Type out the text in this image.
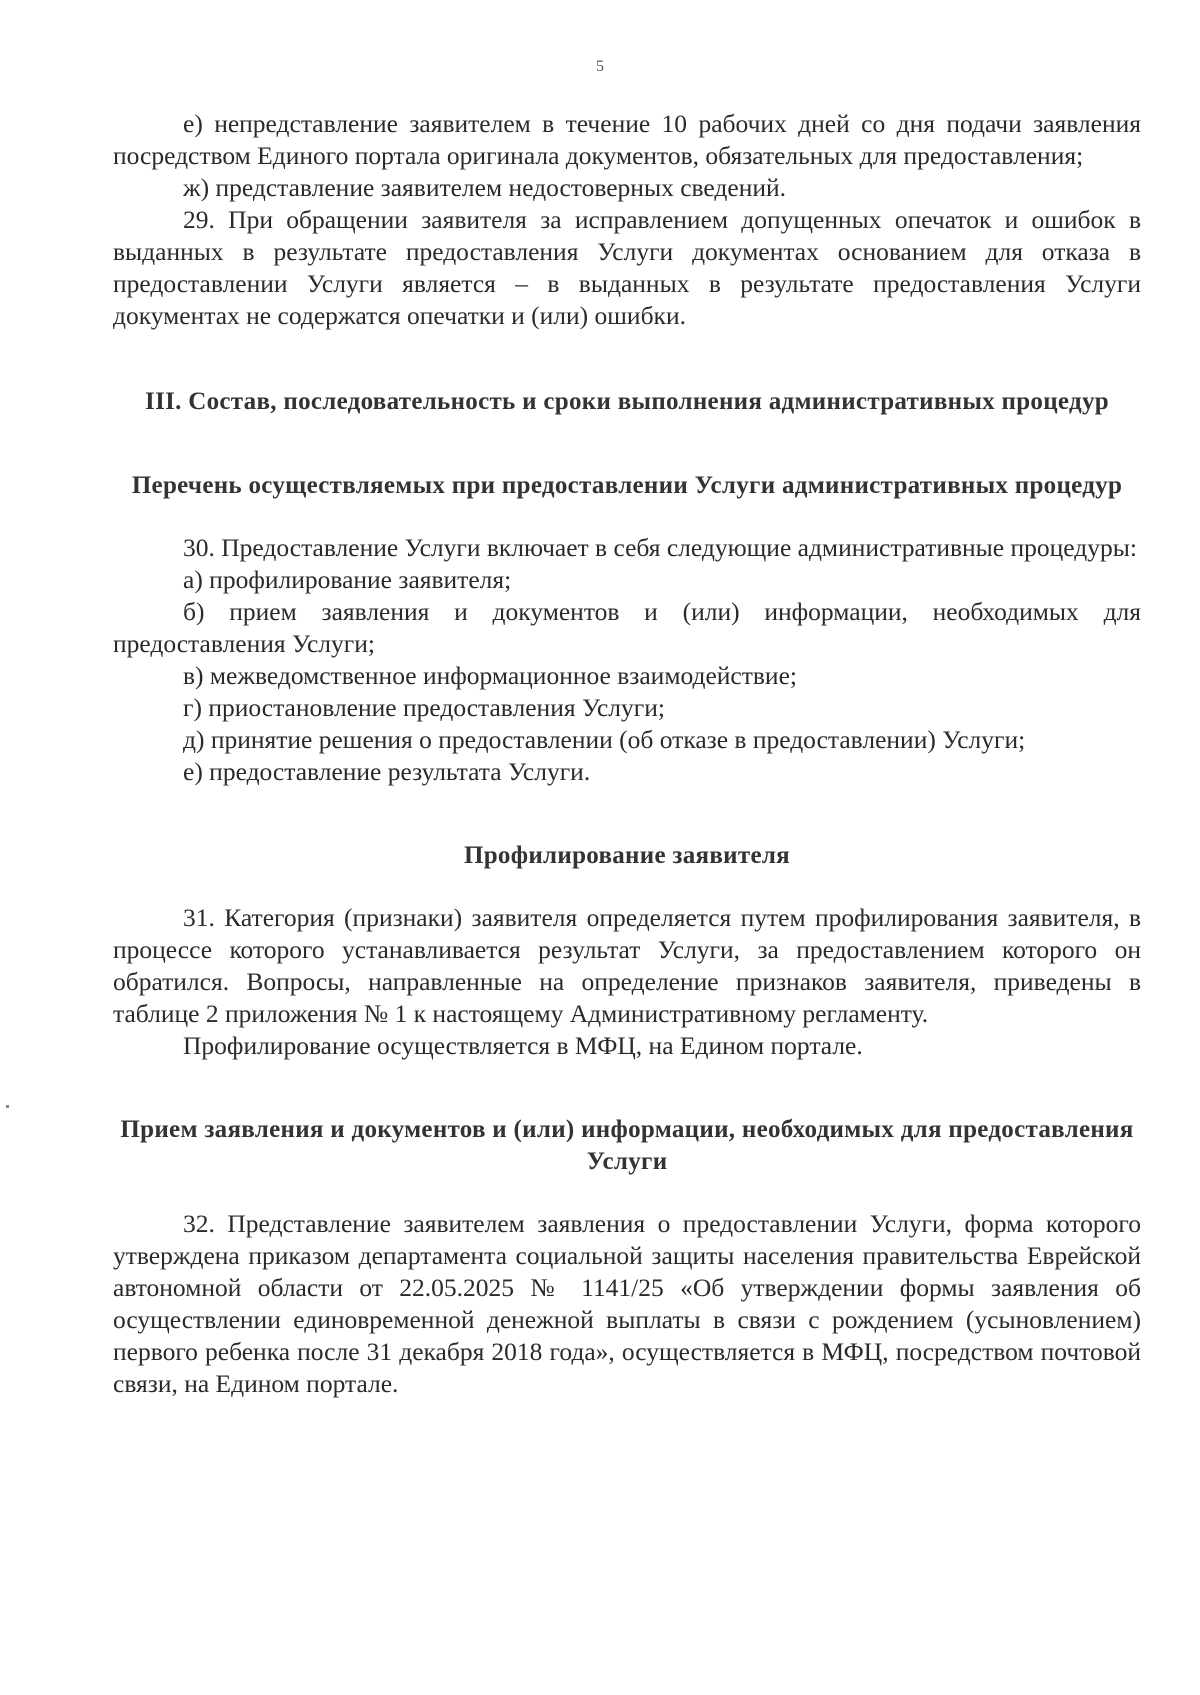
5

е) непредставление заявителем в течение 10 рабочих дней со дня подачи заявления посредством Единого портала оригинала документов, обязательных для предоставления;

ж) представление заявителем недостоверных сведений.

29. При обращении заявителя за исправлением допущенных опечаток и ошибок в выданных в результате предоставления Услуги документах основанием для отказа в предоставлении Услуги является – в выданных в результате предоставления Услуги документах не содержатся опечатки и (или) ошибки.

III. Состав, последовательность и сроки выполнения административных процедур
Перечень осуществляемых при предоставлении Услуги административных процедур

30. Предоставление Услуги включает в себя следующие административные процедуры:

а) профилирование заявителя;

б) прием заявления и документов и (или) информации, необходимых для предоставления Услуги;

в) межведомственное информационное взаимодействие;

г) приостановление предоставления Услуги;

д) принятие решения о предоставлении (об отказе в предоставлении) Услуги;

е) предоставление результата Услуги.

Профилирование заявителя

31. Категория (признаки) заявителя определяется путем профилирования заявителя, в процессе которого устанавливается результат Услуги, за предоставлением которого он обратился. Вопросы, направленные на определение признаков заявителя, приведены в таблице 2 приложения № 1 к настоящему Административному регламенту.

Профилирование осуществляется в МФЦ, на Едином портале.

Прием заявления и документов и (или) информации, необходимых для предоставления Услуги

32. Представление заявителем заявления о предоставлении Услуги, форма которого утверждена приказом департамента социальной защиты населения правительства Еврейской автономной области от 22.05.2025 № 1141/25 «Об утверждении формы заявления об осуществлении единовременной денежной выплаты в связи с рождением (усыновлением) первого ребенка после 31 декабря 2018 года», осуществляется в МФЦ, посредством почтовой связи, на Едином портале.
